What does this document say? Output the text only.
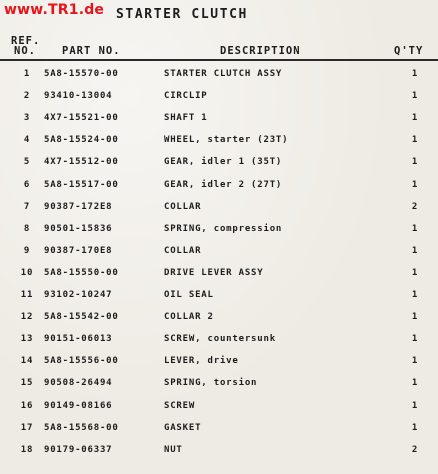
www.TR1.de STARTER CLUTCH
REF.
NO. PART NO.	DESCRIPTION	Q'TY
1	5A8-15570-00	STARTER CLUTCH ASSY	1
2	93410-13004	CIRCLIP	1
3	4X7-15521-00	SHAFT 1	1
4	5A8-15524-00	WHEEL, starter (23T)	1
5	4X7-15512-00	GEAR, idler 1 (35T)	1
6	5A8-15517-00	GEAR, idler 2 (27T)	1
7	90387-172E8	COLLAR	2
8	90501-15836	SPRING, compression	1
9	90387-170E8	COLLAR	1
10	5A8-15550-00	DRIVE LEVER ASSY	1
11	93102-10247	OIL SEAL	1
12	5A8-15542-00	COLLAR 2	1
13	90151-06013	SCREW, countersunk	1
14	5A8-15556-00	LEVER, drive	1
15	90508-26494	SPRING, torsion	1
16	90149-08166	SCREW	1
17	5A8-15568-00	GASKET	1
18	90179-06337	NUT	2
